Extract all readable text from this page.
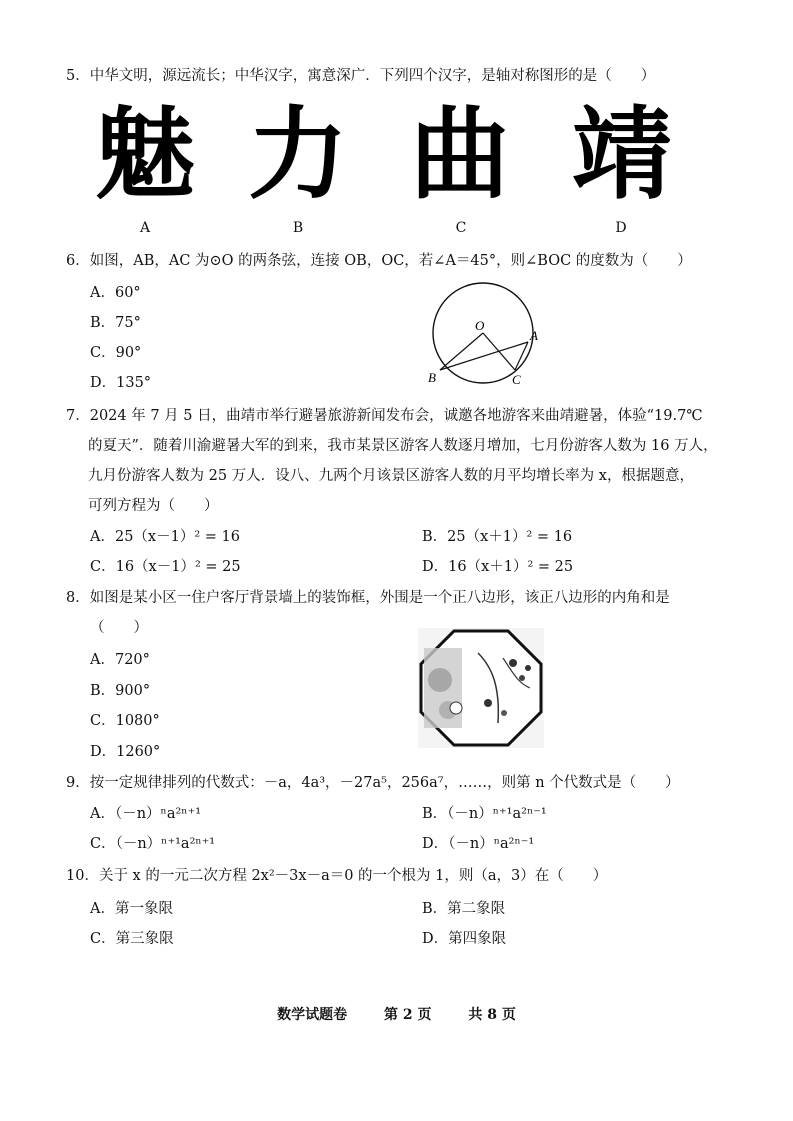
5．中华文明，源远流长；中华汉字，寓意深广．下列四个汉字，是轴对称图形的是（　　）
魅 力 曲 靖
A	B	C	D
6．如图，AB，AC 为⊙O 的两条弦，连接 OB，OC，若∠A＝45°，则∠BOC 的度数为（　　）
A．60°
B．75°
C．90°
D．135°
O
A
B	C
7．2024 年 7 月 5 日，曲靖市举行避暑旅游新闻发布会，诚邀各地游客来曲靖避暑，体验“19.7℃
的夏天”．随着川渝避暑大军的到来，我市某景区游客人数逐月增加，七月份游客人数为 16 万人，
九月份游客人数为 25 万人．设八、九两个月该景区游客人数的月平均增长率为 x，根据题意，
可列方程为（　　）
A．25（x－1）² = 16	B．25（x＋1）² = 16
C．16（x－1）² = 25	D．16（x＋1）² = 25
8．如图是某小区一住户客厅背景墙上的装饰框，外围是一个正八边形，该正八边形的内角和是
（　　）
A．720°
B．900°
C．1080°
D．1260°
9．按一定规律排列的代数式：－a，4a³，－27a⁵，256a⁷，……，则第 n 个代数式是（　　）
A．（－n）ⁿa²ⁿ⁺¹	B．（－n）ⁿ⁺¹a²ⁿ⁻¹
C．（－n）ⁿ⁺¹a²ⁿ⁺¹	D．（－n）ⁿa²ⁿ⁻¹
10．关于 x 的一元二次方程 2x²－3x－a＝0 的一个根为 1，则（a，3）在（　　）
A．第一象限	B．第二象限
C．第三象限	D．第四象限
数学试题卷	第 2 页	共 8 页
